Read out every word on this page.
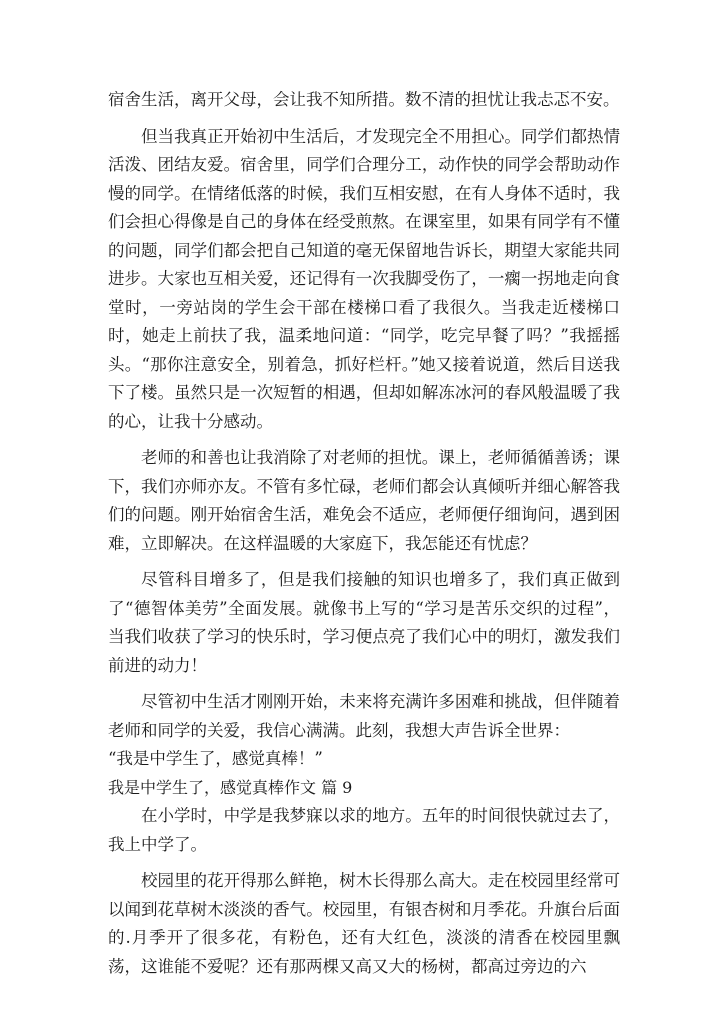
宿舍生活，离开父母，会让我不知所措。数不清的担忧让我忐忑不安。

但当我真正开始初中生活后，才发现完全不用担心。同学们都热情活泼、团结友爱。宿舍里，同学们合理分工，动作快的同学会帮助动作慢的同学。在情绪低落的时候，我们互相安慰，在有人身体不适时，我们会担心得像是自己的身体在经受煎熬。在课室里，如果有同学有不懂的问题，同学们都会把自己知道的毫无保留地告诉长，期望大家能共同进步。大家也互相关爱，还记得有一次我脚受伤了，一瘸一拐地走向食堂时，一旁站岗的学生会干部在楼梯口看了我很久。当我走近楼梯口时，她走上前扶了我，温柔地问道：“同学，吃完早餐了吗？”我摇摇头。“那你注意安全，别着急，抓好栏杆。”她又接着说道，然后目送我下了楼。虽然只是一次短暂的相遇，但却如解冻冰河的春风般温暖了我的心，让我十分感动。

老师的和善也让我消除了对老师的担忧。课上，老师循循善诱；课下，我们亦师亦友。不管有多忙碌，老师们都会认真倾听并细心解答我们的问题。刚开始宿舍生活，难免会不适应，老师便仔细询问，遇到困难，立即解决。在这样温暖的大家庭下，我怎能还有忧虑？

尽管科目增多了，但是我们接触的知识也增多了，我们真正做到了“德智体美劳”全面发展。就像书上写的“学习是苦乐交织的过程”，当我们收获了学习的快乐时，学习便点亮了我们心中的明灯，激发我们前进的动力！

尽管初中生活才刚刚开始，未来将充满许多困难和挑战，但伴随着老师和同学的关爱，我信心满满。此刻，我想大声告诉全世界：

“我是中学生了，感觉真棒！”

我是中学生了，感觉真棒作文 篇 9

在小学时，中学是我梦寐以求的地方。五年的时间很快就过去了，我上中学了。

校园里的花开得那么鲜艳，树木长得那么高大。走在校园里经常可以闻到花草树木淡淡的香气。校园里，有银杏树和月季花。升旗台后面的.月季开了很多花，有粉色，还有大红色，淡淡的清香在校园里飘荡，这谁能不爱呢？还有那两棵又高又大的杨树，都高过旁边的六
